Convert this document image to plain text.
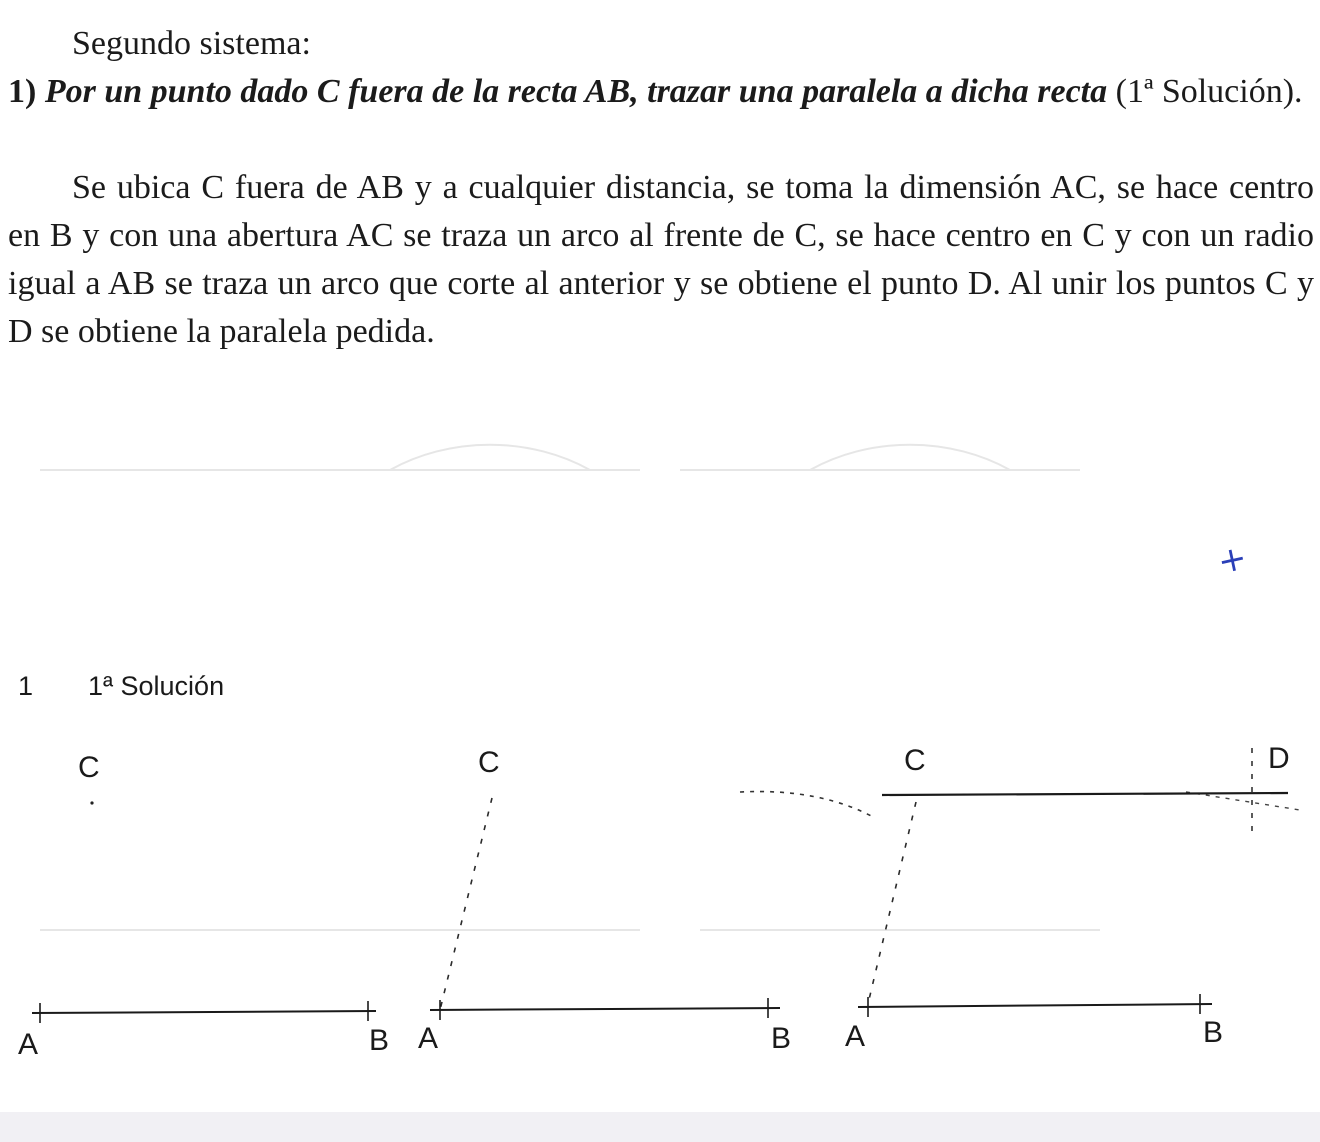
Segundo sistema:

1) Por un punto dado C fuera de la recta AB, trazar una paralela a dicha recta (1ª Solución).

Se ubica C fuera de AB y a cualquier distancia, se toma la dimensión AC, se hace centro en B y con una abertura AC se traza un arco al frente de C, se hace centro en C y con un radio igual a AB se traza un arco que corte al anterior y se obtiene el punto D. Al unir los puntos C y D se obtiene la paralela pedida.

+
1 1ª Solución
C
A	B
C
A	B
C	D
A	B
